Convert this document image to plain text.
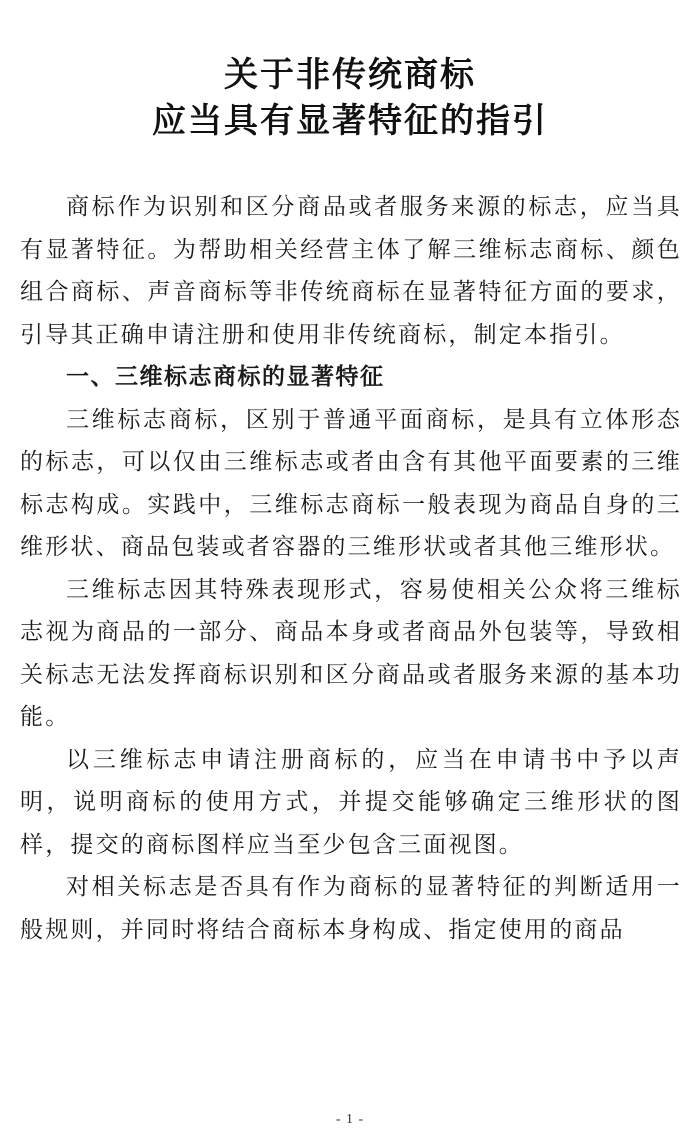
关于非传统商标
应当具有显著特征的指引

商标作为识别和区分商品或者服务来源的标志，应当具有显著特征。为帮助相关经营主体了解三维标志商标、颜色组合商标、声音商标等非传统商标在显著特征方面的要求，引导其正确申请注册和使用非传统商标，制定本指引。

一、三维标志商标的显著特征

三维标志商标，区别于普通平面商标，是具有立体形态的标志，可以仅由三维标志或者由含有其他平面要素的三维标志构成。实践中，三维标志商标一般表现为商品自身的三维形状、商品包装或者容器的三维形状或者其他三维形状。

三维标志因其特殊表现形式，容易使相关公众将三维标志视为商品的一部分、商品本身或者商品外包装等，导致相关标志无法发挥商标识别和区分商品或者服务来源的基本功能。

以三维标志申请注册商标的，应当在申请书中予以声明，说明商标的使用方式，并提交能够确定三维形状的图样，提交的商标图样应当至少包含三面视图。

对相关标志是否具有作为商标的显著特征的判断适用一般规则，并同时将结合商标本身构成、指定使用的商品

- 1 -
